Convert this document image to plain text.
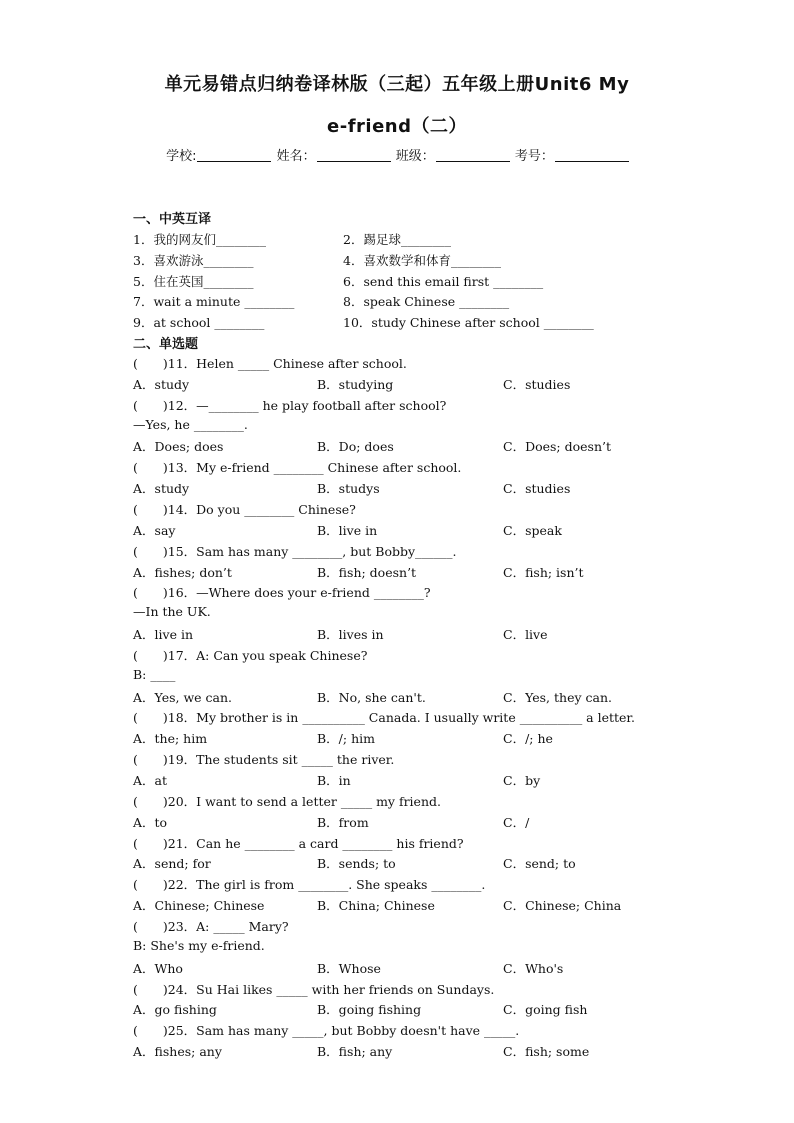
单元易错点归纳卷译林版（三起）五年级上册Unit6 My
e-friend（二）
学校:	姓名：	班级：	考号：
一、中英互译
1．我的网友们________	2．踢足球________
3．喜欢游泳________	4．喜欢数学和体育________
5．住在英国________	6．send this email first ________
7．wait a minute ________	8．speak Chinese ________
9．at school ________	10．study Chinese after school ________
二、单选题
(　　)11．Helen _____ Chinese after school.
A．study	B．studying	C．studies
(　　)12．—________ he play football after school?
—Yes, he ________.
A．Does; does	B．Do; does	C．Does; doesn’t
(　　)13．My e-friend ________ Chinese after school.
A．study	B．studys	C．studies
(　　)14．Do you ________ Chinese?
A．say	B．live in	C．speak
(　　)15．Sam has many ________, but Bobby______.
A．fishes; don’t	B．fish; doesn’t	C．fish; isn’t
(　　)16．—Where does your e-friend ________?
—In the UK.
A．live in	B．lives in	C．live
(　　)17．A: Can you speak Chinese?
B: ____
A．Yes, we can.	B．No, she can't.	C．Yes, they can.
(　　)18．My brother is in __________ Canada. I usually write __________ a letter.
A．the; him	B．/; him	C．/; he
(　　)19．The students sit _____ the river.
A．at	B．in	C．by
(　　)20．I want to send a letter _____ my friend.
A．to	B．from	C．/
(　　)21．Can he ________ a card ________ his friend?
A．send; for	B．sends; to	C．send; to
(　　)22．The girl is from ________. She speaks ________.
A．Chinese; Chinese	B．China; Chinese	C．Chinese; China
(　　)23．A: _____ Mary?
B: She's my e-friend.
A．Who	B．Whose	C．Who's
(　　)24．Su Hai likes _____ with her friends on Sundays.
A．go fishing	B．going fishing	C．going fish
(　　)25．Sam has many _____, but Bobby doesn't have _____.
A．fishes; any	B．fish; any	C．fish; some
